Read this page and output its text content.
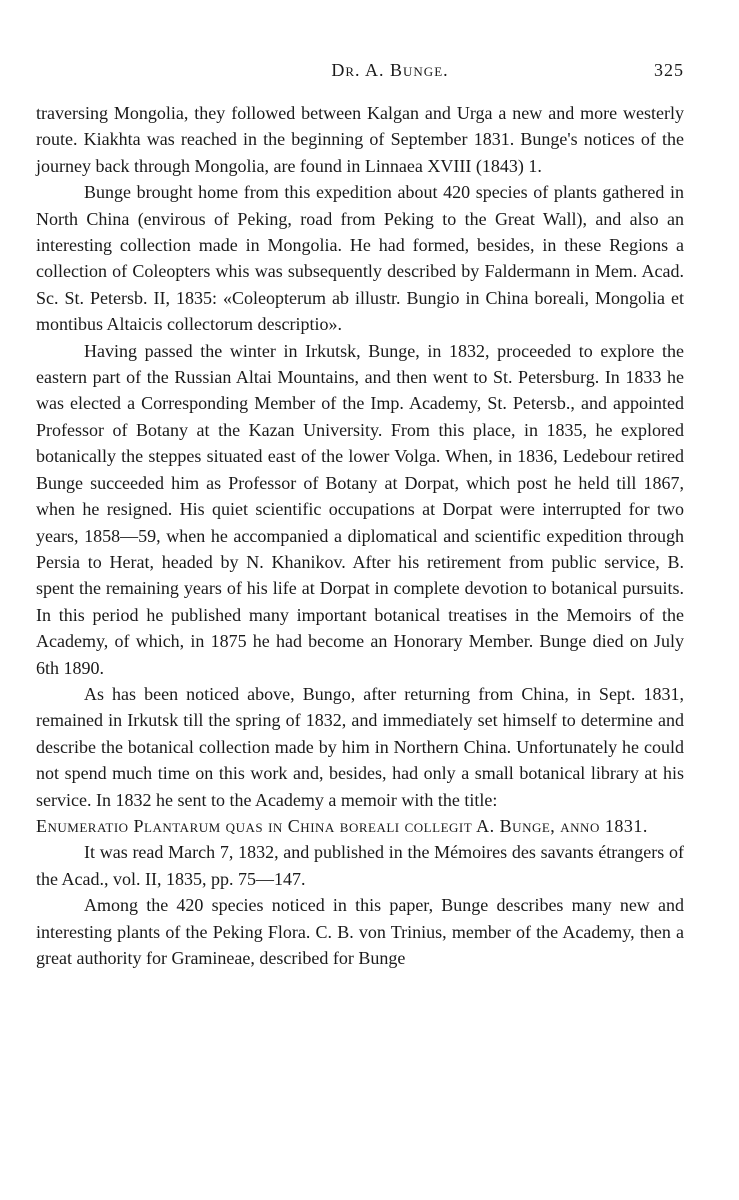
Dr. A. Bunge.	325

traversing Mongolia, they followed between Kalgan and Urga a new and more westerly route. Kiakhta was reached in the beginning of September 1831. Bunge's notices of the journey back through Mongolia, are found in Linnaea XVIII (1843) 1.

Bunge brought home from this expedition about 420 species of plants gathered in North China (envirous of Peking, road from Peking to the Great Wall), and also an interesting collection made in Mongolia. He had formed, besides, in these Regions a collection of Coleopters whis was subsequently described by Faldermann in Mem. Acad. Sc. St. Petersb. II, 1835: «Coleopterum ab illustr. Bungio in China boreali, Mongolia et montibus Altaicis collectorum descriptio».

Having passed the winter in Irkutsk, Bunge, in 1832, proceeded to explore the eastern part of the Russian Altai Mountains, and then went to St. Petersburg. In 1833 he was elected a Corresponding Member of the Imp. Academy, St. Petersb., and appointed Professor of Botany at the Kazan University. From this place, in 1835, he explored botanically the steppes situated east of the lower Volga. When, in 1836, Ledebour retired Bunge succeeded him as Professor of Botany at Dorpat, which post he held till 1867, when he resigned. His quiet scientific occupations at Dorpat were interrupted for two years, 1858—59, when he accompanied a diplomatical and scientific expedition through Persia to Herat, headed by N. Khanikov. After his retirement from public service, B. spent the remaining years of his life at Dorpat in complete devotion to botanical pursuits. In this period he published many important botanical treatises in the Memoirs of the Academy, of which, in 1875 he had become an Honorary Member. Bunge died on July 6th 1890.

As has been noticed above, Bungo, after returning from China, in Sept. 1831, remained in Irkutsk till the spring of 1832, and immediately set himself to determine and describe the botanical collection made by him in Northern China. Unfortunately he could not spend much time on this work and, besides, had only a small botanical library at his service. In 1832 he sent to the Academy a memoir with the title:

Enumeratio Plantarum quas in China boreali collegit A. Bunge, anno 1831.

It was read March 7, 1832, and published in the Mémoires des savants étrangers of the Acad., vol. II, 1835, pp. 75—147.

Among the 420 species noticed in this paper, Bunge describes many new and interesting plants of the Peking Flora. C. B. von Trinius, member of the Academy, then a great authority for Gramineae, described for Bunge
